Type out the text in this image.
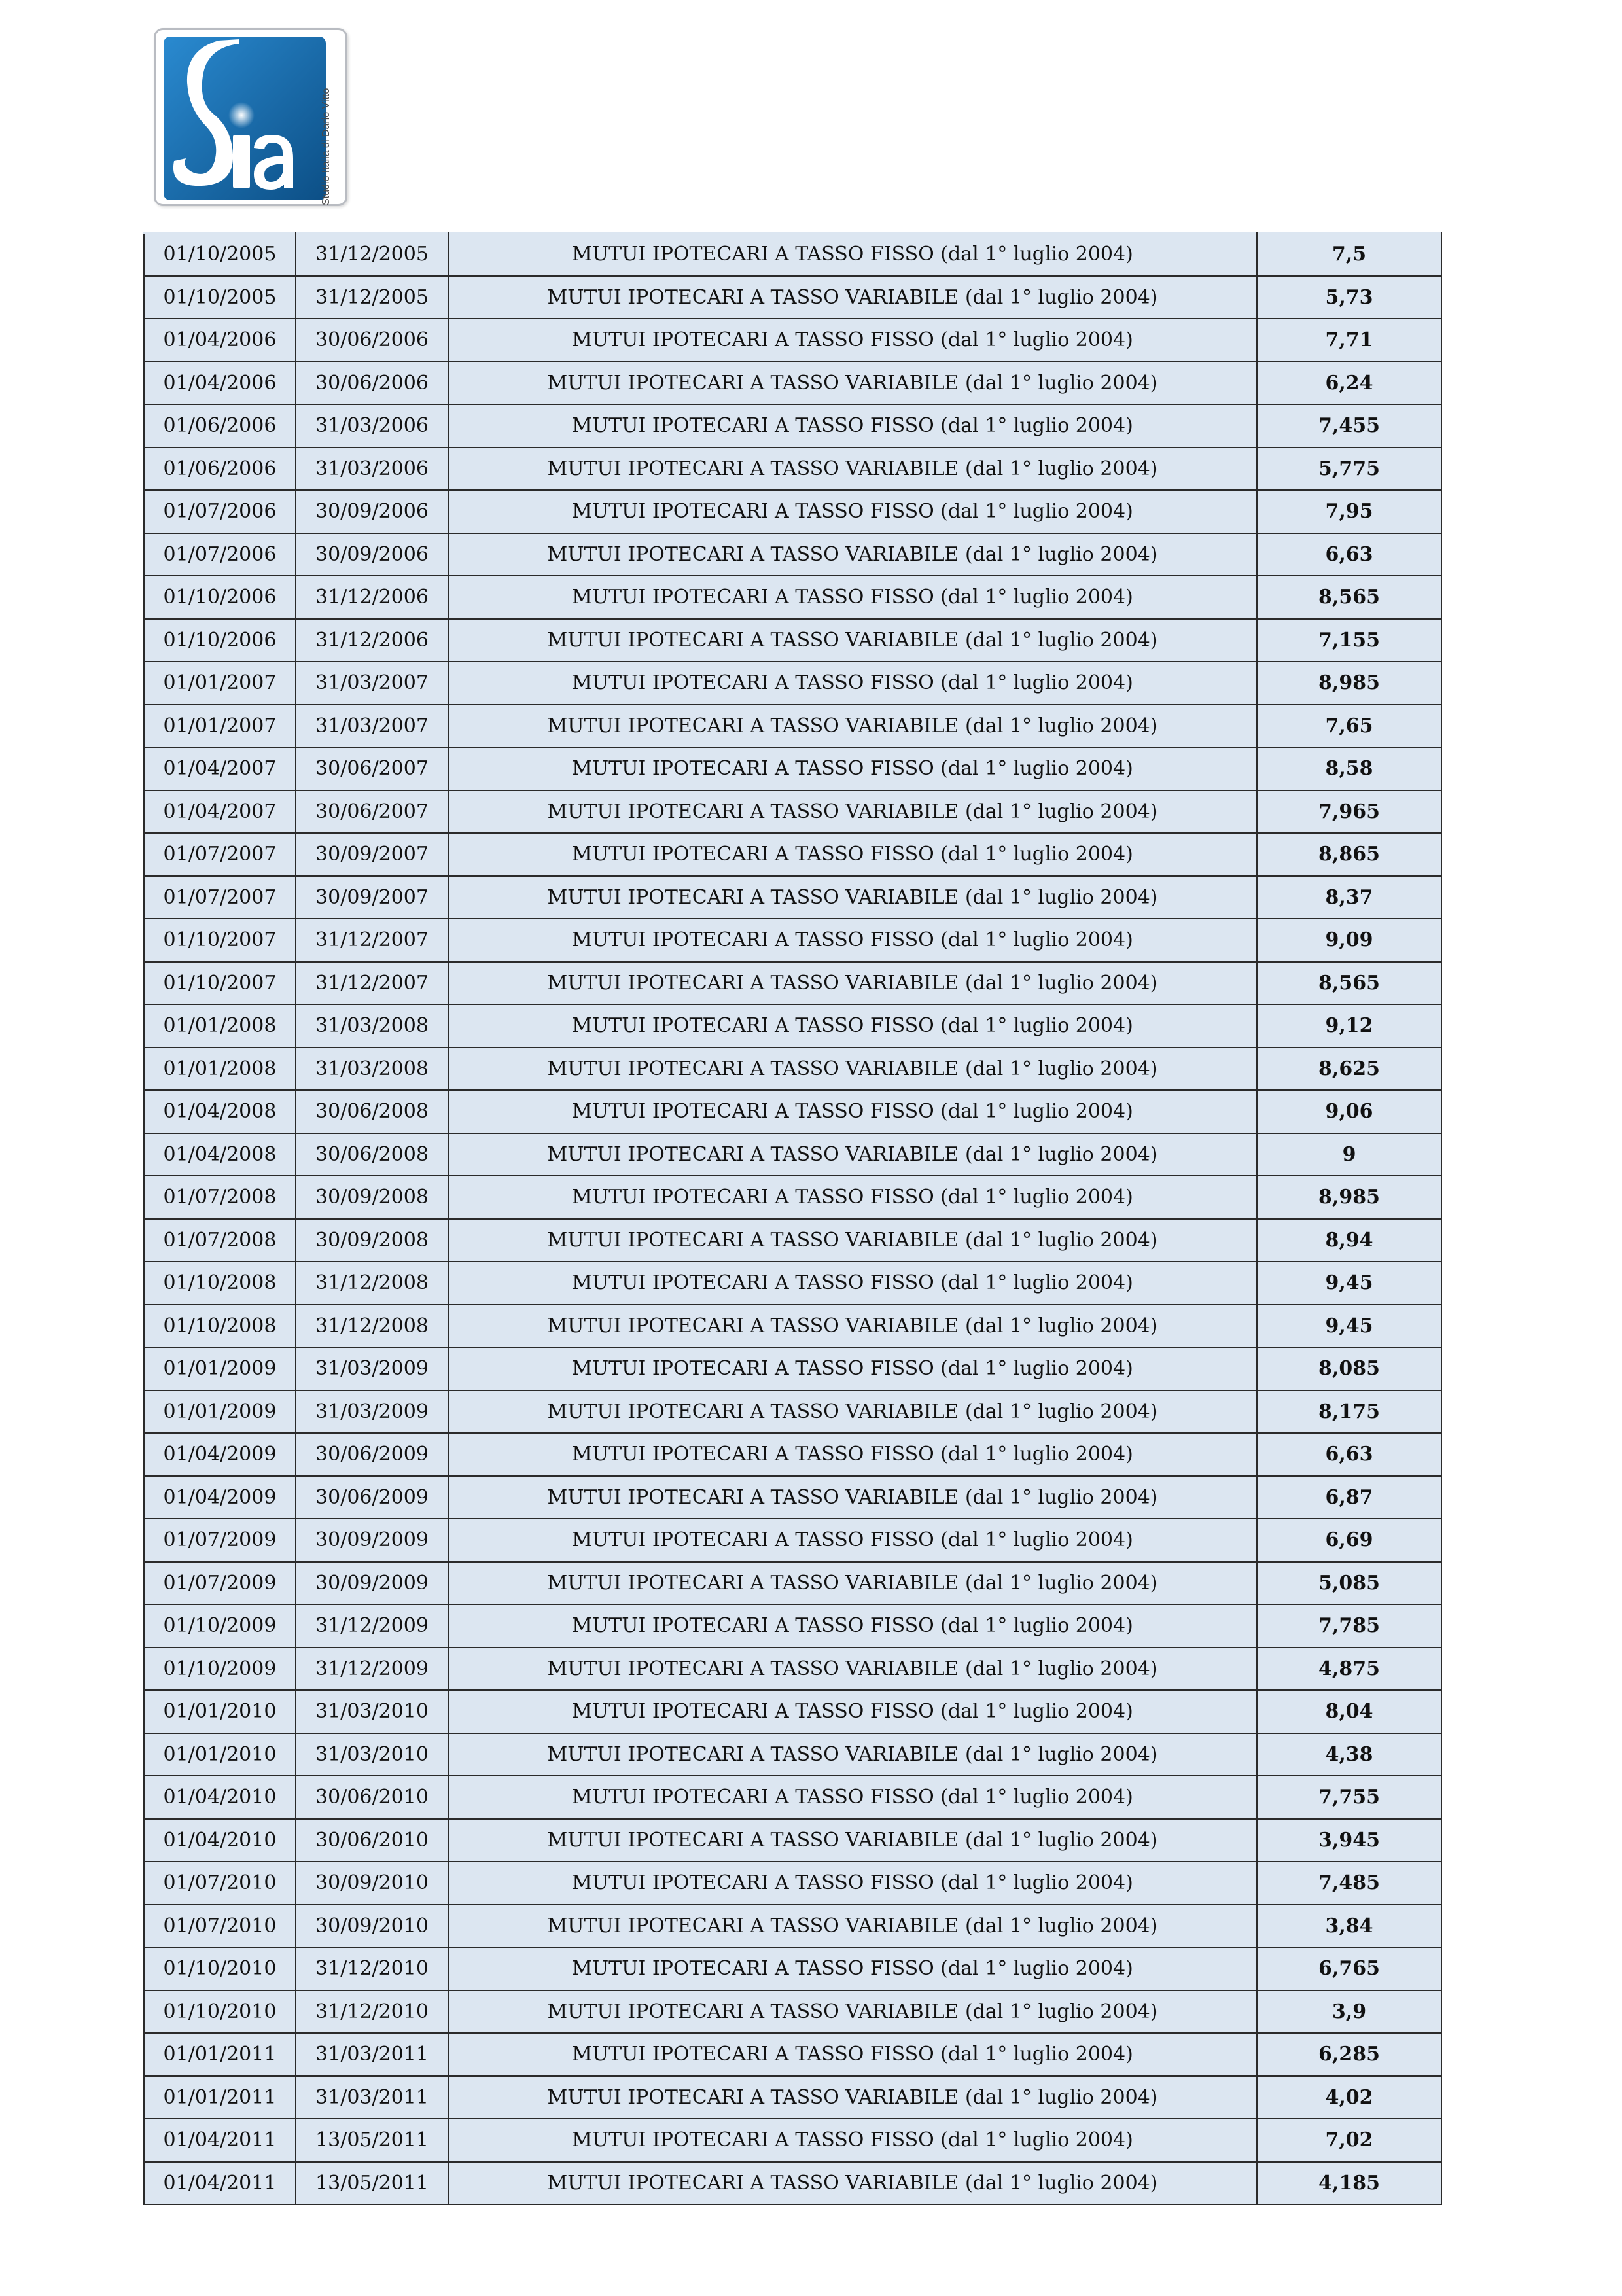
Studio Italia di Dario Vitto
01/10/2005	31/12/2005	MUTUI IPOTECARI A TASSO FISSO (dal 1° luglio 2004)	7,5
01/10/2005	31/12/2005	MUTUI IPOTECARI A TASSO VARIABILE (dal 1° luglio 2004)	5,73
01/04/2006	30/06/2006	MUTUI IPOTECARI A TASSO FISSO (dal 1° luglio 2004)	7,71
01/04/2006	30/06/2006	MUTUI IPOTECARI A TASSO VARIABILE (dal 1° luglio 2004)	6,24
01/06/2006	31/03/2006	MUTUI IPOTECARI A TASSO FISSO (dal 1° luglio 2004)	7,455
01/06/2006	31/03/2006	MUTUI IPOTECARI A TASSO VARIABILE (dal 1° luglio 2004)	5,775
01/07/2006	30/09/2006	MUTUI IPOTECARI A TASSO FISSO (dal 1° luglio 2004)	7,95
01/07/2006	30/09/2006	MUTUI IPOTECARI A TASSO VARIABILE (dal 1° luglio 2004)	6,63
01/10/2006	31/12/2006	MUTUI IPOTECARI A TASSO FISSO (dal 1° luglio 2004)	8,565
01/10/2006	31/12/2006	MUTUI IPOTECARI A TASSO VARIABILE (dal 1° luglio 2004)	7,155
01/01/2007	31/03/2007	MUTUI IPOTECARI A TASSO FISSO (dal 1° luglio 2004)	8,985
01/01/2007	31/03/2007	MUTUI IPOTECARI A TASSO VARIABILE (dal 1° luglio 2004)	7,65
01/04/2007	30/06/2007	MUTUI IPOTECARI A TASSO FISSO (dal 1° luglio 2004)	8,58
01/04/2007	30/06/2007	MUTUI IPOTECARI A TASSO VARIABILE (dal 1° luglio 2004)	7,965
01/07/2007	30/09/2007	MUTUI IPOTECARI A TASSO FISSO (dal 1° luglio 2004)	8,865
01/07/2007	30/09/2007	MUTUI IPOTECARI A TASSO VARIABILE (dal 1° luglio 2004)	8,37
01/10/2007	31/12/2007	MUTUI IPOTECARI A TASSO FISSO (dal 1° luglio 2004)	9,09
01/10/2007	31/12/2007	MUTUI IPOTECARI A TASSO VARIABILE (dal 1° luglio 2004)	8,565
01/01/2008	31/03/2008	MUTUI IPOTECARI A TASSO FISSO (dal 1° luglio 2004)	9,12
01/01/2008	31/03/2008	MUTUI IPOTECARI A TASSO VARIABILE (dal 1° luglio 2004)	8,625
01/04/2008	30/06/2008	MUTUI IPOTECARI A TASSO FISSO (dal 1° luglio 2004)	9,06
01/04/2008	30/06/2008	MUTUI IPOTECARI A TASSO VARIABILE (dal 1° luglio 2004)	9
01/07/2008	30/09/2008	MUTUI IPOTECARI A TASSO FISSO (dal 1° luglio 2004)	8,985
01/07/2008	30/09/2008	MUTUI IPOTECARI A TASSO VARIABILE (dal 1° luglio 2004)	8,94
01/10/2008	31/12/2008	MUTUI IPOTECARI A TASSO FISSO (dal 1° luglio 2004)	9,45
01/10/2008	31/12/2008	MUTUI IPOTECARI A TASSO VARIABILE (dal 1° luglio 2004)	9,45
01/01/2009	31/03/2009	MUTUI IPOTECARI A TASSO FISSO (dal 1° luglio 2004)	8,085
01/01/2009	31/03/2009	MUTUI IPOTECARI A TASSO VARIABILE (dal 1° luglio 2004)	8,175
01/04/2009	30/06/2009	MUTUI IPOTECARI A TASSO FISSO (dal 1° luglio 2004)	6,63
01/04/2009	30/06/2009	MUTUI IPOTECARI A TASSO VARIABILE (dal 1° luglio 2004)	6,87
01/07/2009	30/09/2009	MUTUI IPOTECARI A TASSO FISSO (dal 1° luglio 2004)	6,69
01/07/2009	30/09/2009	MUTUI IPOTECARI A TASSO VARIABILE (dal 1° luglio 2004)	5,085
01/10/2009	31/12/2009	MUTUI IPOTECARI A TASSO FISSO (dal 1° luglio 2004)	7,785
01/10/2009	31/12/2009	MUTUI IPOTECARI A TASSO VARIABILE (dal 1° luglio 2004)	4,875
01/01/2010	31/03/2010	MUTUI IPOTECARI A TASSO FISSO (dal 1° luglio 2004)	8,04
01/01/2010	31/03/2010	MUTUI IPOTECARI A TASSO VARIABILE (dal 1° luglio 2004)	4,38
01/04/2010	30/06/2010	MUTUI IPOTECARI A TASSO FISSO (dal 1° luglio 2004)	7,755
01/04/2010	30/06/2010	MUTUI IPOTECARI A TASSO VARIABILE (dal 1° luglio 2004)	3,945
01/07/2010	30/09/2010	MUTUI IPOTECARI A TASSO FISSO (dal 1° luglio 2004)	7,485
01/07/2010	30/09/2010	MUTUI IPOTECARI A TASSO VARIABILE (dal 1° luglio 2004)	3,84
01/10/2010	31/12/2010	MUTUI IPOTECARI A TASSO FISSO (dal 1° luglio 2004)	6,765
01/10/2010	31/12/2010	MUTUI IPOTECARI A TASSO VARIABILE (dal 1° luglio 2004)	3,9
01/01/2011	31/03/2011	MUTUI IPOTECARI A TASSO FISSO (dal 1° luglio 2004)	6,285
01/01/2011	31/03/2011	MUTUI IPOTECARI A TASSO VARIABILE (dal 1° luglio 2004)	4,02
01/04/2011	13/05/2011	MUTUI IPOTECARI A TASSO FISSO (dal 1° luglio 2004)	7,02
01/04/2011	13/05/2011	MUTUI IPOTECARI A TASSO VARIABILE (dal 1° luglio 2004)	4,185
